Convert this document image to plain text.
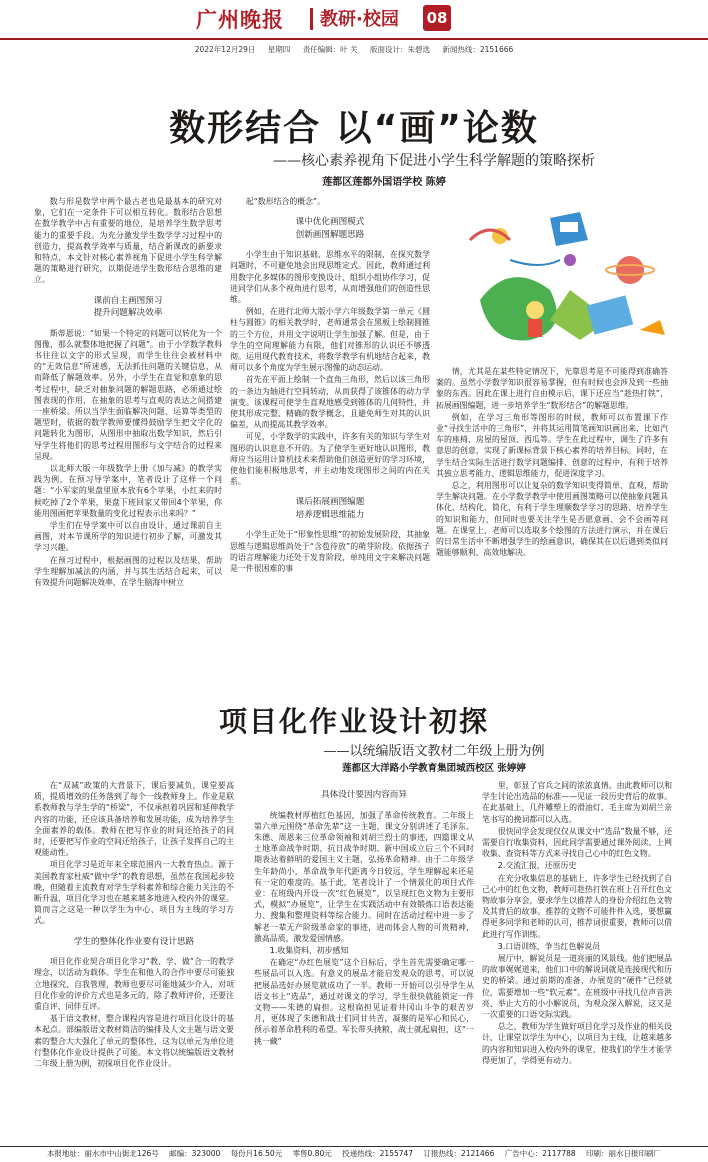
广州晚报 教研·校园 08
2022年12月29日 星期四 责任编辑：叶 关 版面设计：朱碧选 新闻热线：2151666
数形结合 以“画”论数
——核心素养视角下促进小学生科学解题的策略探析
莲都区莲都外国语学校 陈婷

数与形是数学中两个最古老也是最基本的研究对象，它们在一定条件下可以相互转化。数形结合思想在数学教学中占有重要的地位，是培养学生数学思考能力的重要手段。为充分激发学生数学学习过程中的创造力，提高教学效率与质量，结合新课改的新要求和特点，本文针对核心素养视角下促进小学生科学解题的策略进行研究，以期促进学生数形结合思维的建立。

课前自主画图预习
提升问题解决效率

斯蒂恩说：“如果一个特定的问题可以转化为一个图像，那么就整体地把握了问题”。由于小学数学教科书往往以文字的形式呈现，而学生往往会被材料中的“无效信息”所迷惑，无法抓住问题的关键信息，从而降低了解题效率。另外，小学生在直觉和意象的思考过程中，缺乏对抽象问题的解题思路，必须通过绘图表现的作用，在抽象的思考与直观的表达之间搭建一座桥梁。所以当学生面临解决问题、运算等类型的题型时，依据的数学教师要懂得鼓励学生把文字化的问题转化为图形，从图形中抽取出数学知识，然后引导学生将他们的思考过程用图形与文字结合的过程来呈现。

以北师大版一年级数学上册《加与减》的教学实践为例，在预习导学案中，笔者设计了这样一个问题：“小军家的果盘里原本放有6个苹果，小红来的时候吃掉了2个苹果，果盘下班回家又带回4个苹果，你能用图画把苹果数量的变化过程表示出来吗？”

学生们在导学案中可以自由设计，通过课前自主画图，对本节课所学的知识进行初步了解，可激发其学习兴趣。

在预习过程中，根据画图的过程以及结果，帮助学生理解加减法的内涵，并与其生活结合起来，可以有效提升问题解决效率，在学生脑海中树立

起“数形结合的概念”。

课中优化画图模式
创新画图解题思路

小学生由于知识基础、思维水平的限制，在探究数学问题时，不可避免地会出现思维定式。因此，教师通过利用数字化多媒体的图形变换设计、组织小组协作学习，促进同学们从多个视角进行思考，从而增强他们的创造性思维。

例如，在进行北师大版小学六年级数学第一单元《圆柱与圆锥》的相关教学时，老师通常会在黑板上绘制圆锥的三个方位，并用文字说明让学生加强了解。但是，由于学生的空间理解能力有限，他们对锥形的认识还不够透彻。运用现代教育技术，将数学教学有机地结合起来，教师可以多个角度为学生展示图像的动态运动。

首先在平面上绘制一个直角三角形，然后以该三角形的一条边为轴进行空间转动，从而获得了该锥体的动力学演变。该课程可使学生直观地感受到锥体的几何特性，并使其形成完整、精确的数学概念，且避免师生对其的认识偏差，从而提高其教学效率。

可见，小学数学的实践中，许多有关的知识与学生对图形的认识息息不开的。为了使学生更好地认识图形，教师应当运用计算机技术来帮助他们创造更好的学习环境，使他们能积极地思考，并主动地发现图形之间的内在关系。

课后拓展画图编题
培养逻辑思维能力

小学生正处于“形象性思维”的初始发展阶段，其抽象思维与逻辑思维尚处于“含苞待放”的萌芽阶段。依据孩子的语言理解能力还处于发育阶段，单纯用文字来解决问题是一件很困难的事

情，尤其是在某些特定情况下，光靠思考是不可能得到准确答案的。虽然小学数学知识很容易掌握，但有时候也会涉及到一些抽象的东西。因此在课上进行自由模示后，课下还应当“趁热打铁”，拓展画图编题，进一步培养学生“数形结合”的解题思维。

例如，在学习三角形等图形的时候，教师可以布置课下作业“寻找生活中的三角形”，并将其运用简笔画知识画出来，比如汽车的座椅、房屋的屋顶、西瓜等。学生在此过程中，调生了许多有意思的创意，实现了新课标背景下核心素养的培养目标。同时，在学生结合实际生活进行数学问题编排、创意的过程中，有利于培养其独立思考能力、逻辑思维能力，促进深度学习。

总之，利用图形可以让复杂的数学知识变得简单、直观，帮助学生解决问题。在小学数学教学中使用画图策略可以使抽象问题具体化、结构化、简化，有利于学生理顺数学学习的思路、培养学生的知识和能力，但同时也要关注学生是否愿意画、会不会画等问题。在课堂上，老师可以选取多个绘图的方法进行演示，并在课后的日常生活中不断增强学生的绘画意识，确保其在以后遇到类似问题能够顺利、高效地解决。

项目化作业设计初探
——以统编版语文教材二年级上册为例
莲都区大洋路小学教育集团城西校区 张婷婷

在“双减”政策的大背景下，课后要减负，课堂要高质，提质增效的任务落到了每个一线教师身上。作业是联系教师教与学生学的“桥梁”，不仅承担着巩固和延伸教学内容的功能，还应该具备培养和发展功能，成为培养学生全面素养的载体。教师在把写作业的时间还给孩子的同时，还要把写作业的空间还给孩子，让孩子发挥自己的主观能动性。

项目化学习是近年来全球范围内一大教育热点。源于美国教育家杜威“做中学”的教育思想，虽然在我国起步较晚，但随着主流教育对学生学科素养和综合能力关注的不断升温，项目化学习也在越来越多地进入校内外的课堂。简而言之这是一种以学生为中心、项目为主线的学习方式。

学生的整体化作业要有设计思路

项目化作业契合项目化学习“教、学、做”合一的教学理念，以活动为载体。学生在和他人的合作中要尽可能独立地探究、自我管理，教师也要尽可能地减少介入，对项目化作业的评价方式也是多元的，除了教师评价，还要注重自评、同伴互评。

基于语文教材，整合课程内容是进行项目化设计的基本起点。部编版语文教材简洁的编排及人文主题与语文要素的整合大大强化了单元的整体性，这为以单元为单位进行整体化作业设计提供了可能。本文将以统编版语文教材二年级上册为例，初探项目化作业设计。

具体设计要因内容而异

统编教材厚植红色基因，加强了革命传统教育。二年级上第六单元围绕“革命先辈”这一主题，课文分别讲述了毛泽东、朱德、周恩来三位革命领袖和刘胡兰烈士的事迹，四篇课文从土地革命战争时期、抗日战争时期、新中国成立后三个不同时期表达着鲜明的爱国主义主题，弘扬革命精神。由于二年级学生年龄尚小，革命战争年代距离今日较远，学生理解起来还是有一定的难度的。基于此，笔者设计了一个情景化的项目式作业：在班级内开设一次“红色展览”，以呈现红色文物为主要形式，模拟“办展览”，让学生在实践活动中有效锻炼口语表达能力、搜集和整理资料等综合能力。同时在活动过程中进一步了解老一辈无产阶级革命家的事迹，进而体会人物的可贵精神，激高品质，激发爱国情感。

1.收集资料，初步感知

在确定“办红色展览”这个目标后，学生首先需要确定哪一些展品可以入选。有意义的展品才能启发观众的思考，可以说把展品选好办展览就成功了一半。教师一开始可以引导学生从语文书上“选品”，通过对课文的学习，学生很快就能锁定一件文物——朱德的扁担。这根扁担见证着井冈山斗争的艰苦岁月，更体现了朱德和战士们同甘共苦，凝聚的是军心和民心，预示着革命胜利的希望。军长带头挑粮，战士就起扁担，这“一挑一藏”

里，彰显了官兵之间的浓浓真情。由此教师可以和学生讨论出选品的标准——见证一段历史背后的故事。在此基础上，几件雕塑上的滑油灯、毛主席为刘胡兰亲笔书写的挽词都可以入选。

很快同学会发现仅仅从课文中“选品”数量不够，还需要自行收集资料，因此同学需要通过课外阅读、上网收集、查资料等方式来寻找自己心中的红色文物。

2.交流汇报，还原历史

在充分收集信息的基础上，许多学生已经找到了自己心中的红色文物，教师可趁热打铁在班上召开红色文物故事分享会，要求学生以推荐人的身份介绍红色文物及其背后的故事。推荐的文物不可能件件入选，要想赢得更多同学和老师的认可，推荐词很重要，教师可以借此进行写作训练。

3.口语训练，争当红色解说员

展厅中，解说员是一道亮丽的风景线。他们把展品的故事娓娓道来，他们口中的解说词就是连接现代和历史的桥梁。通过前期的准备，办展览的“硬件”已经就位，需要增加一些“软元素”。在班级中寻找几位声音洪亮、举止大方的小小解说员，为观众深入解说，这又是一次重要的口语交际实践。

总之，教师为学生做好项目化学习及作业的相关设计，让课堂以学生为中心，以项目为主线，让越来越多的内容和知识进入校内外的课堂，使我们的学生才能学得更加了，学得更有动力。

本报地址：丽水市中山街北126号 邮编：323000 每份月16.50元 零售0.80元 投递热线：2155747 订报热线：2121466 广告中心：2117788 印刷：丽水日报印刷厂
